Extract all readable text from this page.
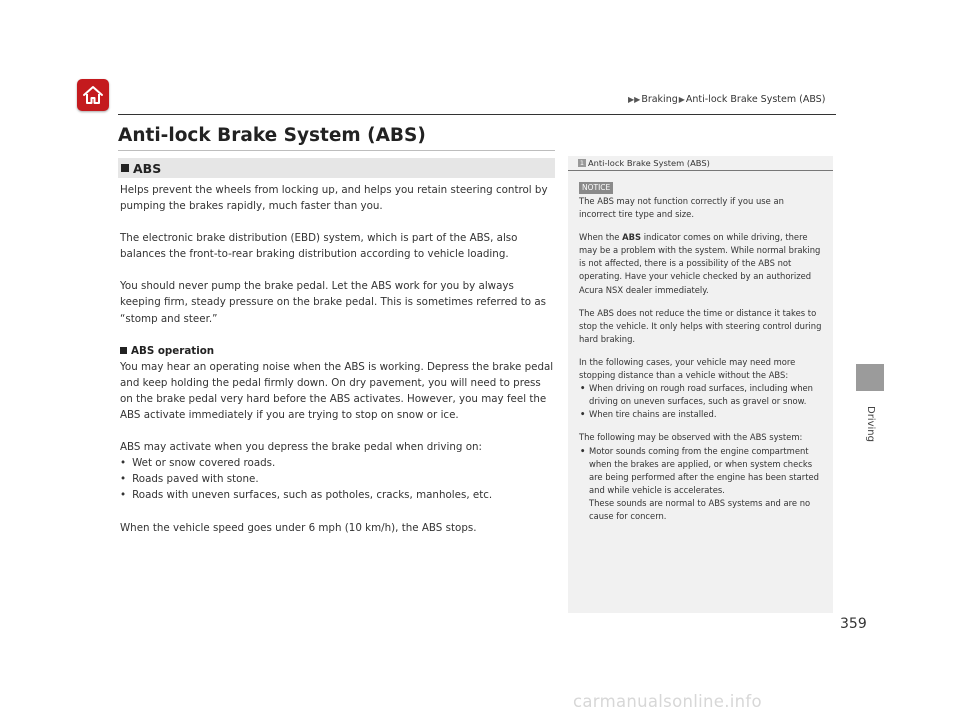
▶▶ Braking ▶ Anti-lock Brake System (ABS)
Anti-lock Brake System (ABS)
ABS

Helps prevent the wheels from locking up, and helps you retain steering control by pumping the brakes rapidly, much faster than you.

The electronic brake distribution (EBD) system, which is part of the ABS, also balances the front-to-rear braking distribution according to vehicle loading.

You should never pump the brake pedal. Let the ABS work for you by always keeping firm, steady pressure on the brake pedal. This is sometimes referred to as “stomp and steer.”

ABS operation

You may hear an operating noise when the ABS is working. Depress the brake pedal and keep holding the pedal firmly down. On dry pavement, you will need to press on the brake pedal very hard before the ABS activates. However, you may feel the ABS activate immediately if you are trying to stop on snow or ice.

ABS may activate when you depress the brake pedal when driving on:
• Wet or snow covered roads.
• Roads paved with stone.
• Roads with uneven surfaces, such as potholes, cracks, manholes, etc.

When the vehicle speed goes under 6 mph (10 km/h), the ABS stops.

1 Anti-lock Brake System (ABS)
NOTICE

The ABS may not function correctly if you use an incorrect tire type and size.

When the ABS indicator comes on while driving, there may be a problem with the system. While normal braking is not affected, there is a possibility of the ABS not operating. Have your vehicle checked by an authorized Acura NSX dealer immediately.

The ABS does not reduce the time or distance it takes to stop the vehicle. It only helps with steering control during hard braking.

In the following cases, your vehicle may need more stopping distance than a vehicle without the ABS:
• When driving on rough road surfaces, including when driving on uneven surfaces, such as gravel or snow.
• When tire chains are installed.
The following may be observed with the ABS system:
• Motor sounds coming from the engine compartment when the brakes are applied, or when system checks are being performed after the engine has been started and while vehicle is accelerates.
These sounds are normal to ABS systems and are no cause for concern.
Driving
359
carmanualsonline.info
